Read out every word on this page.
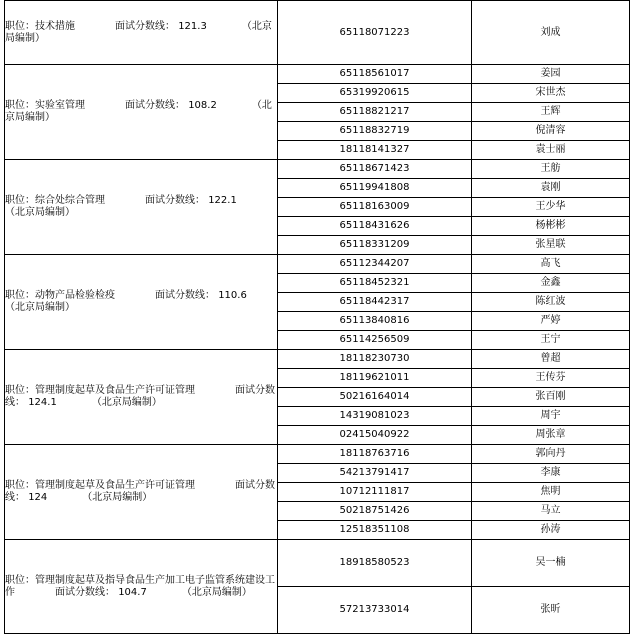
职位：技术措施　　　　 面试分数线： 121.3　　　　 （北京局编制）	65118071223	刘成

职位：实验室管理　　　　 面试分数线： 108.2　　　　 （北京局编制）	65118561017	姜园
	65319920615	宋世杰
	65118821217	王辉
	65118832719	倪清容
	18118141327	袁士丽

职位：综合处综合管理　　　　 面试分数线： 122.1　　　　（北京局编制）	65118671423	王舫
	65119941808	袁刚
	65118163009	王少华
	65118431626	杨彬彬
	65118331209	张星联

职位：动物产品检验检疫　　　　 面试分数线： 110.6　　　　（北京局编制）	65112344207	高飞
	65118452321	金鑫
	65118442317	陈红波
	65113840816	严婷
	65114256509	王宁

职位：管理制度起草及食品生产许可证管理　　　　 面试分数线： 124.1　　　　 （北京局编制）	18118230730	曾超
	18119621011	王传芬
	50216164014	张百刚
	14319081023	周宇
	02415040922	周张章

职位：管理制度起草及食品生产许可证管理　　　　 面试分数线： 124　　　　 （北京局编制）	18118763716	郭向丹
	54213791417	李康
	10712111817	焦明
	50218751426	马立
	12518351108	孙涛

职位：管理制度起草及指导食品生产加工电子监管系统建设工作　　　　 面试分数线： 104.7　　　　 （北京局编制）	18918580523	吴一楠
	57213733014	张昕
